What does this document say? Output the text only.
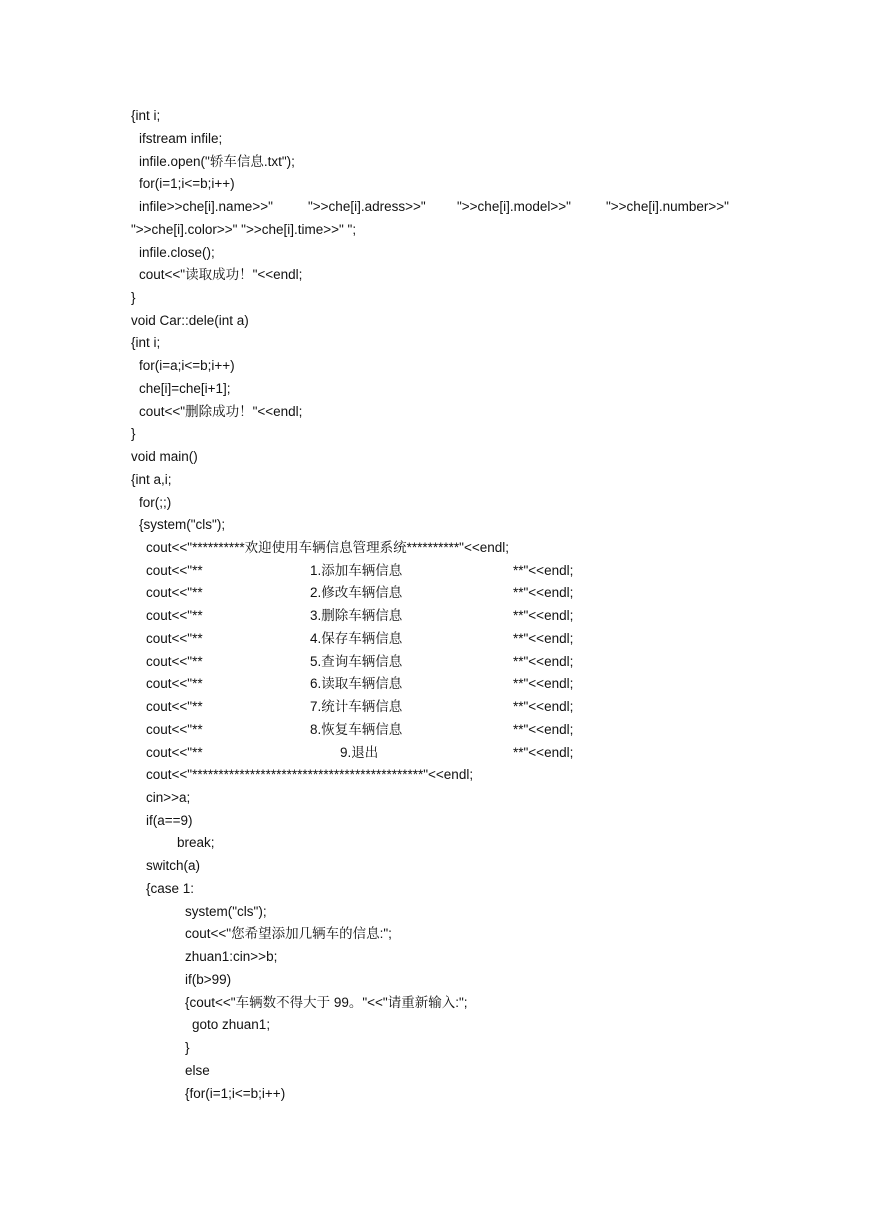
{int i;

ifstream infile;

infile.open("轿车信息.txt");

for(i=1;i<=b;i++)

infile>>che[i].name>>"

	">>che[i].adress>>"

">>che[i].model>>"

	">>che[i].number>>"

">>che[i].color>>" ">>che[i].time>>" ";

infile.close();

cout<<"读取成功！"<<endl;

}

void Car::dele(int a)

{int i;

for(i=a;i<=b;i++)

che[i]=che[i+1];

cout<<"删除成功！"<<endl;

}

void main()

{int a,i;

for(;;)

{system("cls");

cout<<"**********欢迎使用车辆信息管理系统**********"<<endl;

cout<<"**

	1.添加车辆信息

	**"<<endl;

cout<<"**

	2.修改车辆信息

	**"<<endl;

cout<<"**

	3.删除车辆信息

	**"<<endl;

cout<<"**

	4.保存车辆信息

	**"<<endl;

cout<<"**

	5.查询车辆信息

	**"<<endl;

cout<<"**

	6.读取车辆信息

	**"<<endl;

cout<<"**

	7.统计车辆信息

	**"<<endl;

cout<<"**

	8.恢复车辆信息

	**"<<endl;

cout<<"**

	9.退出

	**"<<endl;

cout<<"********************************************"<<endl;

cin>>a;

if(a==9)

break;

switch(a)

{case 1:

system("cls");

cout<<"您希望添加几辆车的信息:";

zhuan1:cin>>b;

if(b>99)

{cout<<"车辆数不得大于 99。"<<"请重新输入:";

goto zhuan1;

}

else

{for(i=1;i<=b;i++)
